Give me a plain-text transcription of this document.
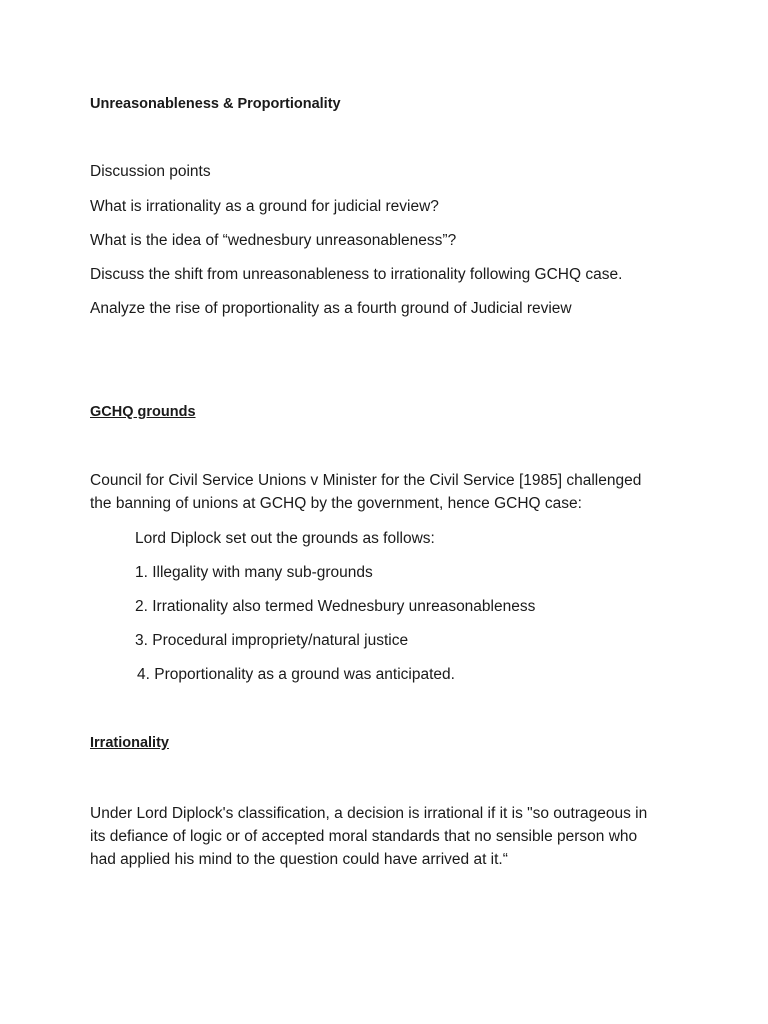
Unreasonableness & Proportionality

Discussion points

What is irrationality as a ground for judicial review?

What is the idea of “wednesbury unreasonableness”?

Discuss the shift from unreasonableness to irrationality following GCHQ case.

Analyze the rise of proportionality as a fourth ground of Judicial review

GCHQ grounds

Council for Civil Service Unions v Minister for the Civil Service [1985] challenged

the banning of unions at GCHQ by the government, hence GCHQ case:

Lord Diplock set out the grounds as follows:

1. Illegality with many sub-grounds

2. Irrationality also termed Wednesbury unreasonableness

3. Procedural impropriety/natural justice

4. Proportionality as a ground was anticipated.

Irrationality

Under Lord Diplock's classification, a decision is irrational if it is "so outrageous in

its defiance of logic or of accepted moral standards that no sensible person who

had applied his mind to the question could have arrived at it.“
